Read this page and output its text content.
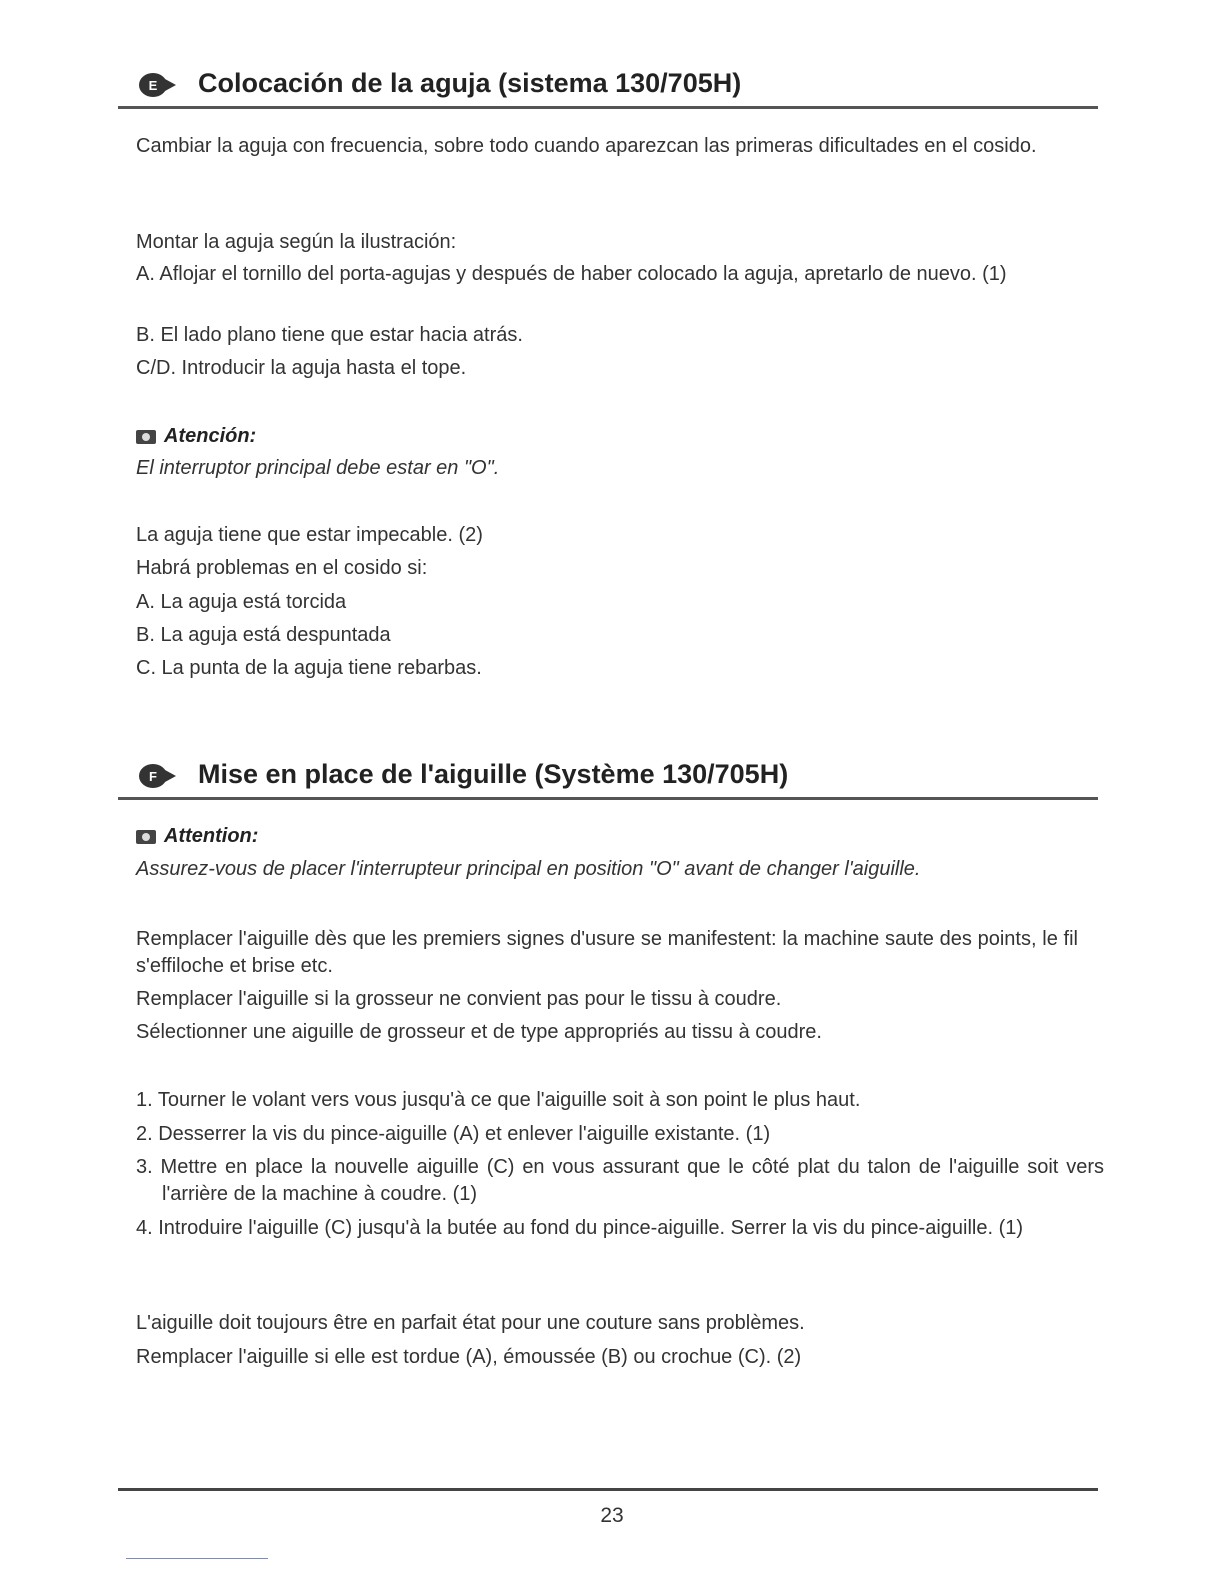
E Colocación de la aguja (sistema 130/705H)

Cambiar la aguja con frecuencia, sobre todo cuando aparezcan las primeras dificultades en el cosido.

Montar la aguja según la ilustración:

A. Aflojar el tornillo del porta-agujas y después de haber colocado la aguja, apretarlo de nuevo. (1)

B. El lado plano tiene que estar hacia atrás.

C/D. Introducir la aguja hasta el tope.

Atención:
El interruptor principal debe estar en "O".

La aguja tiene que estar impecable. (2)

Habrá problemas en el cosido si:

A. La aguja está torcida

B. La aguja está despuntada

C. La punta de la aguja tiene rebarbas.

F Mise en place de l'aiguille (Système 130/705H)
Attention:
Assurez-vous de placer l'interrupteur principal en position "O" avant de changer l'aiguille.

Remplacer l'aiguille dès que les premiers signes d'usure se manifestent: la machine saute des points, le fil s'effiloche et brise etc.

Remplacer l'aiguille si la grosseur ne convient pas pour le tissu à coudre.

Sélectionner une aiguille de grosseur et de type appropriés au tissu à coudre.

1. Tourner le volant vers vous jusqu'à ce que l'aiguille soit à son point le plus haut.

2. Desserrer la vis du pince-aiguille (A) et enlever l'aiguille existante. (1)

3. Mettre en place la nouvelle aiguille (C) en vous assurant que le côté plat du talon de l'aiguille soit vers l'arrière de la machine à coudre. (1)

4. Introduire l'aiguille (C) jusqu'à la butée au fond du pince-aiguille. Serrer la vis du pince-aiguille. (1)

L'aiguille doit toujours être en parfait état pour une couture sans problèmes.

Remplacer l'aiguille si elle est tordue (A), émoussée (B) ou crochue (C). (2)

23
